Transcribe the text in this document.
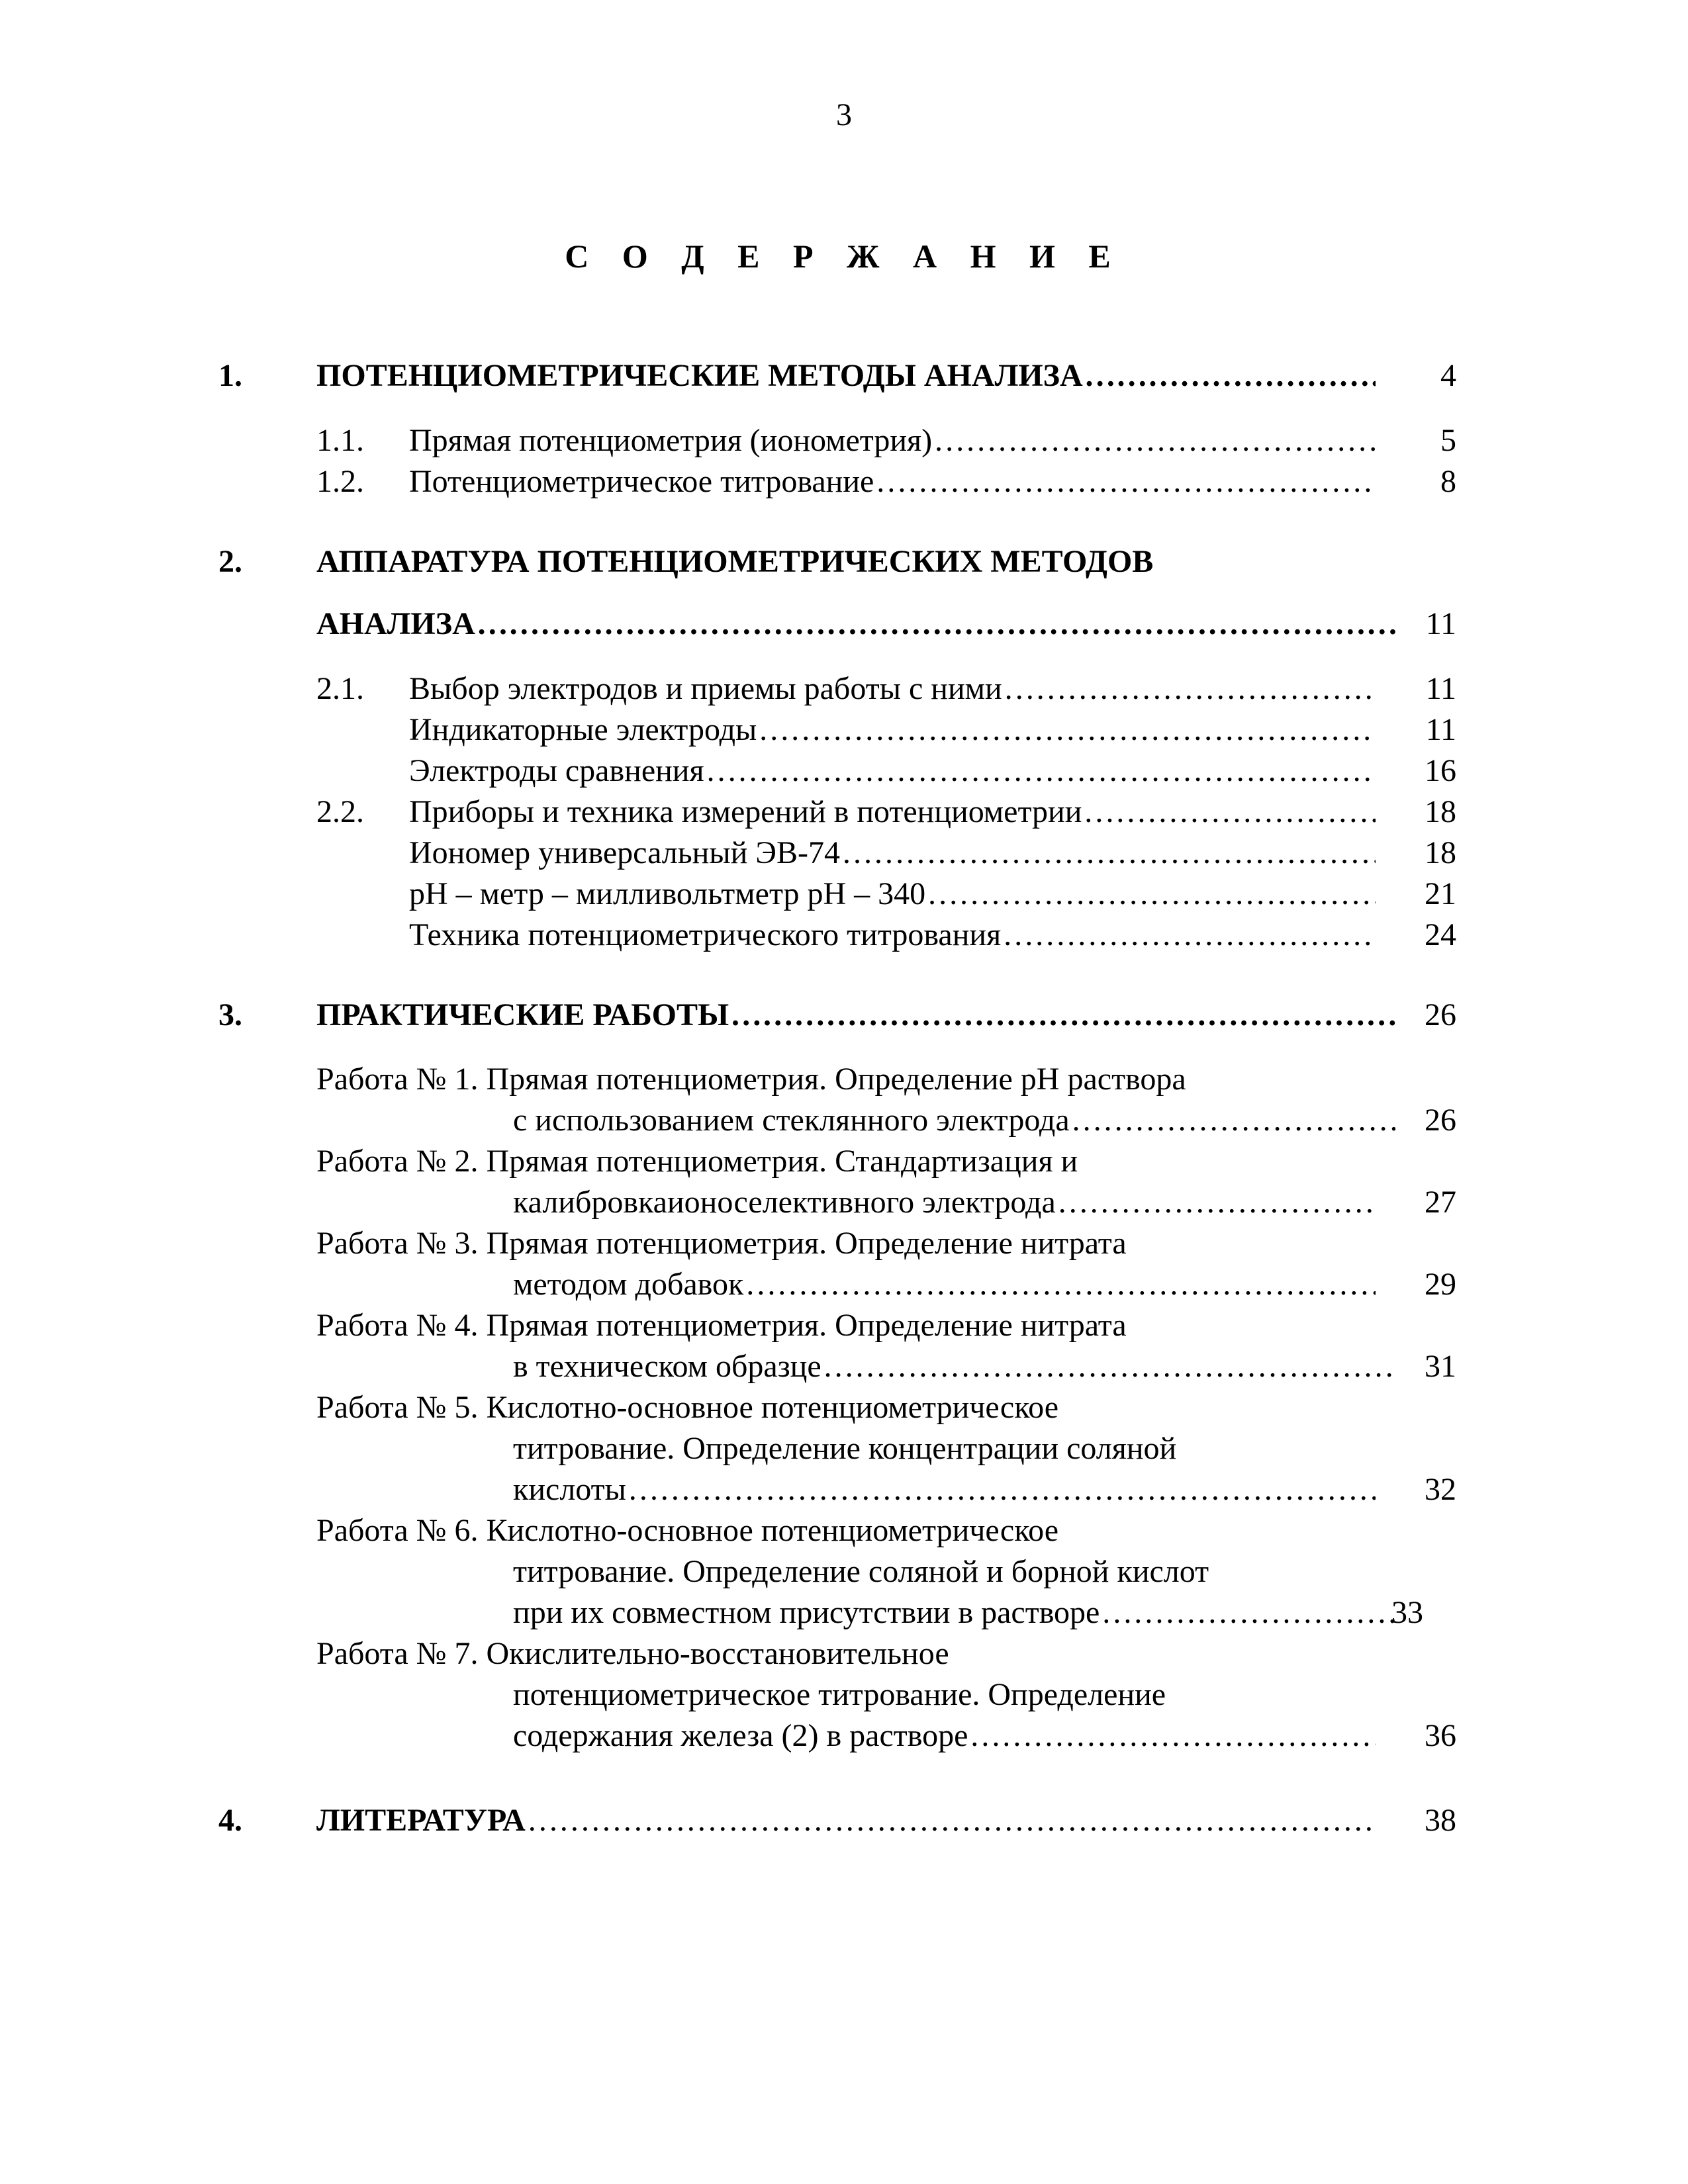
3
С О Д Е Р Ж А Н И Е
1.	ПОТЕНЦИОМЕТРИЧЕСКИЕ МЕТОДЫ АНАЛИЗА …………………………………………………………………………………………………………………………………………………………………	4
1.1.	Прямая потенциометрия (ионометрия) …………………………………………………………………………………………………………………………………………………………………	5
1.2.	Потенциометрическое титрование …………………………………………………………………………………………………………………………………………………………………	8
2.	АППАРАТУРА ПОТЕНЦИОМЕТРИЧЕСКИХ МЕТОДОВ
АНАЛИЗА …………………………………………………………………………………………………………………………………………………………………	11
2.1.	Выбор электродов и приемы работы с ними …………………………………………………………………………………………………………………………………………………………………	11
Индикаторные электроды …………………………………………………………………………………………………………………………………………………………………	11
Электроды сравнения …………………………………………………………………………………………………………………………………………………………………	16
2.2.	Приборы и техника измерений в потенциометрии …………………………………………………………………………………………………………………………………………………………………	18
Иономер универсальный ЭВ-74 …………………………………………………………………………………………………………………………………………………………………	18
pH – метр – милливольтметр pH – 340 …………………………………………………………………………………………………………………………………………………………………	21
Техника потенциометрического титрования …………………………………………………………………………………………………………………………………………………………………	24
3.	ПРАКТИЧЕСКИЕ РАБОТЫ …………………………………………………………………………………………………………………………………………………………………	26
Работа № 1. Прямая потенциометрия. Определение pH раствора
с использованием стеклянного электрода …………………………………………………………………………………………………………………………………………………………………	26
Работа № 2. Прямая потенциометрия. Стандартизация и
калибровкаионоселективного электрода …………………………………………………………………………………………………………………………………………………………………	27
Работа № 3. Прямая потенциометрия. Определение нитрата
методом добавок …………………………………………………………………………………………………………………………………………………………………	29
Работа № 4. Прямая потенциометрия. Определение нитрата
в техническом образце …………………………………………………………………………………………………………………………………………………………………	31
Работа № 5. Кислотно-основное потенциометрическое
титрование. Определение концентрации соляной
кислоты …………………………………………………………………………………………………………………………………………………………………	32
Работа № 6. Кислотно-основное потенциометрическое
титрование. Определение соляной и борной кислот
при их совместном присутствии в растворе …………………………………………………………………………………………………………………………………………………………………	33
Работа № 7. Окислительно-восстановительное
потенциометрическое титрование. Определение
содержания железа (2) в растворе …………………………………………………………………………………………………………………………………………………………………	36
4.	ЛИТЕРАТУРА …………………………………………………………………………………………………………………………………………………………………	38
